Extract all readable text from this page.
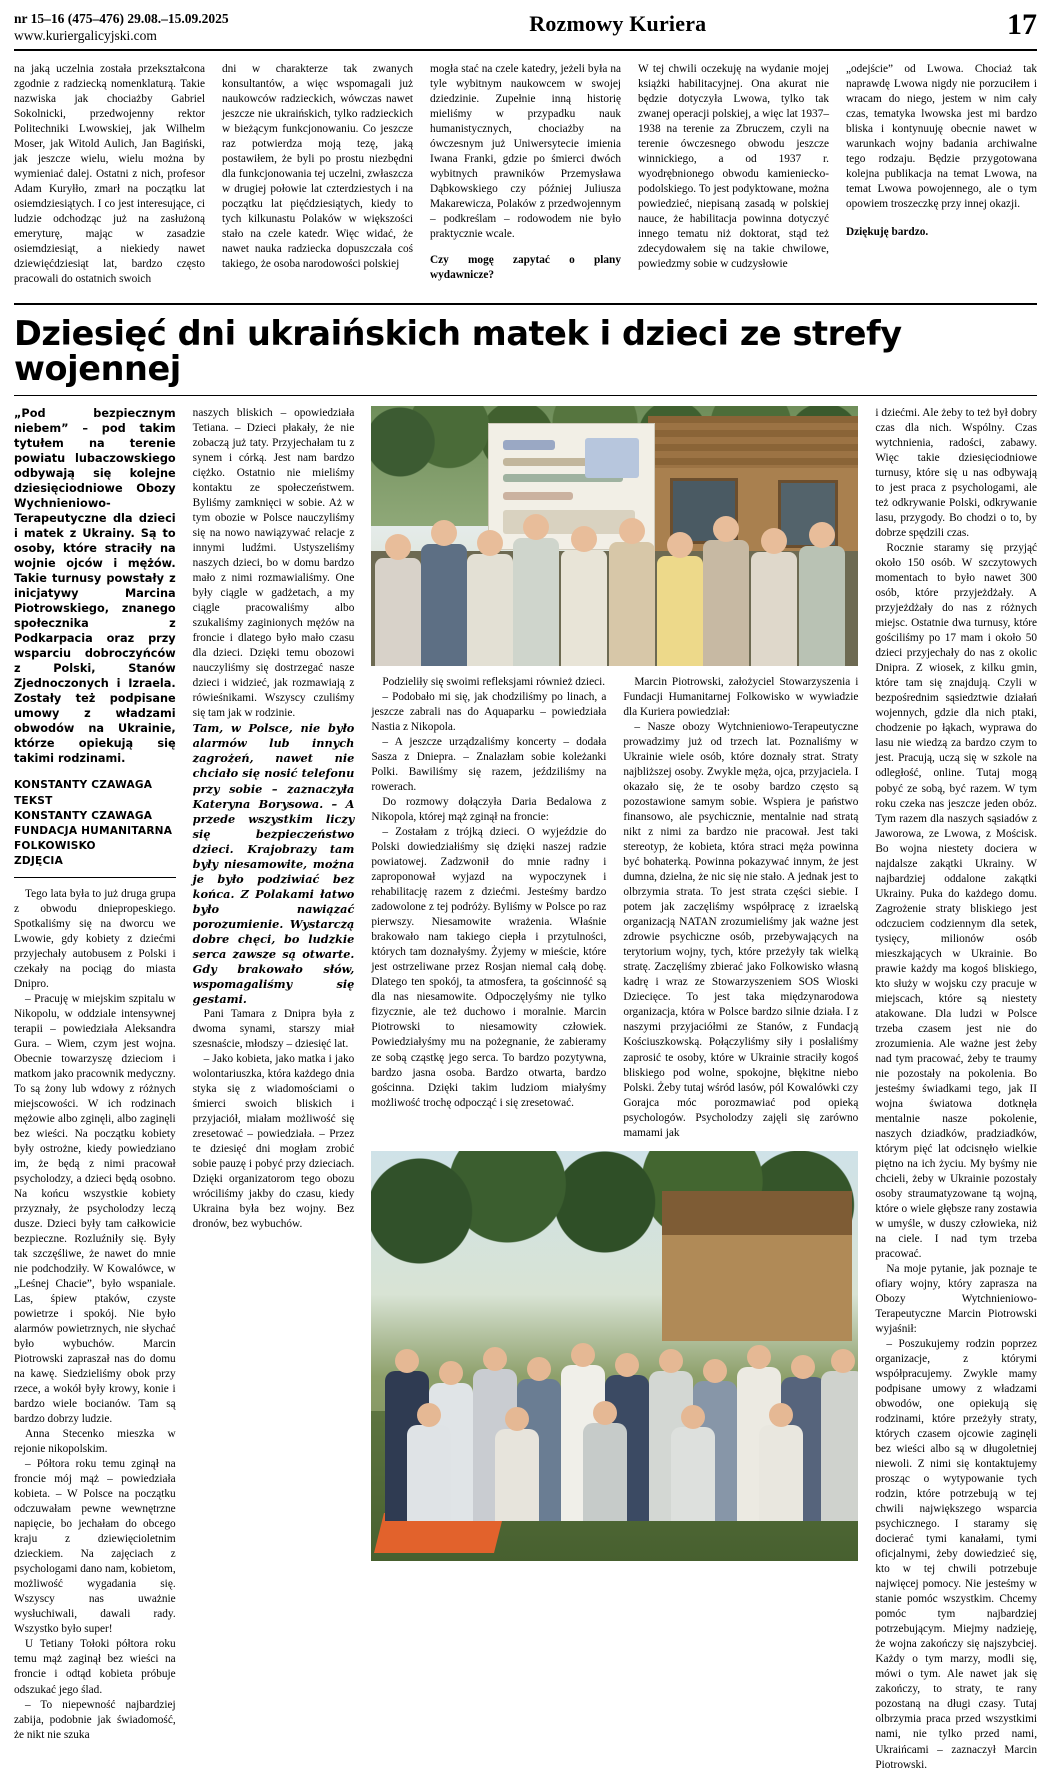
nr 15–16 (475–476) 29.08.–15.09.2025
www.kuriergalicyjski.com	Rozmowy Kuriera	17

na jaką uczelnia została przekształcona zgodnie z radziecką nomenklaturą. Takie nazwiska jak chociażby Gabriel Sokolnicki, przedwojenny rektor Politechniki Lwowskiej, jak Wilhelm Moser, jak Witold Aulich, Jan Bagiński, jak jeszcze wielu, wielu można by wymieniać dalej. Ostatni z nich, profesor Adam Kuryłło, zmarł na początku lat osiemdziesiątych. I co jest interesujące, ci ludzie odchodząc już na zasłużoną emeryturę, mając w zasadzie osiemdziesiąt, a niekiedy nawet dziewięćdziesiąt lat, bardzo często pracowali do ostatnich swoich

dni w charakterze tak zwanych konsultantów, a więc wspomagali już naukowców radzieckich, wówczas nawet jeszcze nie ukraińskich, tylko radzieckich w bieżącym funkcjonowaniu. Co jeszcze raz potwierdza moją tezę, jaką postawiłem, że byli po prostu niezbędni dla funkcjonowania tej uczelni, zwłaszcza w drugiej połowie lat czterdziestych i na początku lat pięćdziesiątych, kiedy to tych kilkunastu Polaków w większości stało na czele katedr. Więc widać, że nawet nauka radziecka dopuszczała coś takiego, że osoba narodowości polskiej

mogła stać na czele katedry, jeżeli była na tyle wybitnym naukowcem w swojej dziedzinie. Zupełnie inną historię mieliśmy w przypadku nauk humanistycznych, chociażby na ówczesnym już Uniwersytecie imienia Iwana Franki, gdzie po śmierci dwóch wybitnych prawników Przemysława Dąbkowskiego czy później Juliusza Makarewicza, Polaków z przedwojennym – podkreślam – rodowodem nie było praktycznie wcale.

Czy mogę zapytać o plany wydawnicze?

W tej chwili oczekuję na wydanie mojej książki habilitacyjnej. Ona akurat nie będzie dotyczyła Lwowa, tylko tak zwanej operacji polskiej, a więc lat 1937–1938 na terenie za Zbruczem, czyli na terenie ówczesnego obwodu jeszcze winnickiego, a od 1937 r. wyodrębnionego obwodu kamieniecko-podolskiego. To jest podyktowane, można powiedzieć, niepisaną zasadą w polskiej nauce, że habilitacja powinna dotyczyć innego tematu niż doktorat, stąd też zdecydowałem się na takie chwilowe, powiedzmy sobie w cudzysłowie

„odejście” od Lwowa. Chociaż tak naprawdę Lwowa nigdy nie porzuciłem i wracam do niego, jestem w nim cały czas, tematyka lwowska jest mi bardzo bliska i kontynuuję obecnie nawet w warunkach wojny badania archiwalne tego rodzaju. Będzie przygotowana kolejna publikacja na temat Lwowa, na temat Lwowa powojennego, ale o tym opowiem troszeczkę przy innej okazji.

Dziękuję bardzo.

Dziesięć dni ukraińskich matek i dzieci ze strefy wojennej

„Pod bezpiecznym niebem” – pod takim tytułem na terenie powiatu lubaczowskiego odbywają się kolejne dziesięciodniowe Obozy Wychnieniowo-Terapeutyczne dla dzieci i matek z Ukrainy. Są to osoby, które straciły na wojnie ojców i mężów. Takie turnusy powstały z inicjatywy Marcina Piotrowskiego, znanego społecznika z Podkarpacia oraz przy wsparciu dobroczyńców z Polski, Stanów Zjednoczonych i Izraela. Zostały też podpisane umowy z władzami obwodów na Ukrainie, którze opiekują się takimi rodzinami.

KONSTANTY CZAWAGA
TEKST
KONSTANTY CZAWAGA
FUNDACJA HUMANITARNA
FOLKOWISKO
ZDJĘCIA

Tego lata była to już druga grupa z obwodu dniepropeskiego. Spotkaliśmy się na dworcu we Lwowie, gdy kobiety z dziećmi przyjechały autobusem z Polski i czekały na pociąg do miasta Dnipro.

– Pracuję w miejskim szpitalu w Nikopolu, w oddziale intensywnej terapii – powiedziała Aleksandra Gura. – Wiem, czym jest wojna. Obecnie towarzyszę dzieciom i matkom jako pracownik medyczny. To są żony lub wdowy z różnych miejscowości. W ich rodzinach mężowie albo zginęli, albo zaginęli bez wieści. Na początku kobiety były ostrożne, kiedy powiedziano im, że będą z nimi pracował psycholodzy, a dzieci będą osobno. Na końcu wszystkie kobiety przyznały, że psycholodzy leczą dusze. Dzieci były tam całkowicie bezpieczne. Rozluźniły się. Były tak szczęśliwe, że nawet do mnie nie podchodziły. W Kowalówce, w „Leśnej Chacie”, było wspaniale. Las, śpiew ptaków, czyste powietrze i spokój. Nie było alarmów powietrznych, nie słychać było wybuchów. Marcin Piotrowski zapraszał nas do domu na kawę. Siedzieliśmy obok przy rzece, a wokół były krowy, konie i bardzo wiele bocianów. Tam są bardzo dobrzy ludzie.

Anna Stecenko mieszka w rejonie nikopolskim.

– Półtora roku temu zginął na froncie mój mąż – powiedziała kobieta. – W Polsce na początku odczuwałam pewne wewnętrzne napięcie, bo jechałam do obcego kraju z dziewięcioletnim dzieckiem. Na zajęciach z psychologami dano nam, kobietom, możliwość wygadania się. Wszyscy nas uważnie wysłuchiwali, dawali rady. Wszystko było super!

U Tetiany Tołoki półtora roku temu mąż zaginął bez wieści na froncie i odtąd kobieta próbuje odszukać jego ślad.

– To niepewność najbardziej zabija, podobnie jak świadomość, że nikt nie szuka

naszych bliskich – opowiedziała Tetiana. – Dzieci płakały, że nie zobaczą już taty. Przyjechałam tu z synem i córką. Jest nam bardzo ciężko. Ostatnio nie mieliśmy kontaktu ze społeczeństwem. Byliśmy zamknięci w sobie. Aż w tym obozie w Polsce nauczyliśmy się na nowo nawiązywać relacje z innymi ludźmi. Ustyszeliśmy naszych dzieci, bo w domu bardzo mało z nimi rozmawialiśmy. One były ciągle w gadżetach, a my ciągle pracowaliśmy albo szukaliśmy zaginionych mężów na froncie i dlatego było mało czasu dla dzieci. Dzięki temu obozowi nauczyliśmy się dostrzegać nasze dzieci i widzieć, jak rozmawiają z rówieśnikami. Wszyscy czuliśmy się tam jak w rodzinie.

Tam, w Polsce, nie było alarmów lub innych zagrożeń, nawet nie chciało się nosić telefonu przy sobie – zaznaczyła Kateryna Borysowa. – A przede wszystkim liczy się bezpieczeństwo dzieci. Krajobrazy tam były niesamowite, można je było podziwiać bez końca. Z Polakami łatwo było nawiązać porozumienie. Wystarczą dobre chęci, bo ludzkie serca zawsze są otwarte. Gdy brakowało słów, wspomagaliśmy się gestami.

Pani Tamara z Dnipra była z dwoma synami, starszy miał szesnaście, młodszy – dziesięć lat.

– Jako kobieta, jako matka i jako wolontariuszka, która każdego dnia styka się z wiadomościami o śmierci swoich bliskich i przyjaciół, miałam możliwość się zresetować – powiedziała. – Przez te dziesięć dni mogłam zrobić sobie pauzę i pobyć przy dzieciach. Dzięki organizatorom tego obozu wróciliśmy jakby do czasu, kiedy Ukraina była bez wojny. Bez dronów, bez wybuchów.

Podzieliły się swoimi refleksjami również dzieci.

– Podobało mi się, jak chodziliśmy po linach, a jeszcze zabrali nas do Aquaparku – powiedziała Nastia z Nikopola.

– A jeszcze urządzaliśmy koncerty – dodała Sasza z Dniepra. – Znalazłam sobie koleżanki Polki. Bawiliśmy się razem, jeździliśmy na rowerach.

Do rozmowy dołączyła Daria Bedalowa z Nikopola, której mąż zginął na froncie:

– Zostałam z trójką dzieci. O wyjeździe do Polski dowiedziałiśmy się dzięki naszej radzie powiatowej. Zadzwonił do mnie radny i zaproponował wyjazd na wypoczynek i rehabilitację razem z dziećmi. Jesteśmy bardzo zadowolone z tej podróży. Byliśmy w Polsce po raz pierwszy. Niesamowite wrażenia. Właśnie brakowało nam takiego ciepła i przytulności, których tam doznałyśmy. Żyjemy w mieście, które jest ostrzeliwane przez Rosjan niemal całą dobę. Dlatego ten spokój, ta atmosfera, ta gościnność są dla nas niesamowite. Odpoczęlyśmy nie tylko fizycznie, ale też duchowo i moralnie. Marcin Piotrowski to niesamowity człowiek. Powiedziałyśmy mu na pożegnanie, że zabieramy ze sobą cząstkę jego serca. To bardzo pozytywna, bardzo jasna osoba. Bardzo otwarta, bardzo gościnna. Dzięki takim ludziom miałyśmy możliwość trochę odpocząć i się zresetować.

Marcin Piotrowski, założyciel Stowarzyszenia i Fundacji Humanitarnej Folkowisko w wywiadzie dla Kuriera powiedział:

– Nasze obozy Wytchnieniowo-Terapeutyczne prowadzimy już od trzech lat. Poznaliśmy w Ukrainie wiele osób, które doznały strat. Straty najbliższej osoby. Zwykle męża, ojca, przyjaciela. I okazało się, że te osoby bardzo często są pozostawione samym sobie. Wspiera je państwo finansowo, ale psychicznie, mentalnie nad stratą nikt z nimi za bardzo nie pracował. Jest taki stereotyp, że kobieta, która straci męża powinna być bohaterką. Powinna pokazywać innym, że jest dumna, dzielna, że nic się nie stało. A jednak jest to olbrzymia strata. To jest strata części siebie. I potem jak zaczęliśmy współpracę z izraelską organizacją NATAN zrozumieliśmy jak ważne jest zdrowie psychiczne osób, przebywających na terytorium wojny, tych, które przeżyły tak wielką stratę. Zaczęliśmy zbierać jako Folkowisko własną kadrę i wraz ze Stowarzyszeniem SOS Wioski Dziecięce. To jest taka międzynarodowa organizacja, która w Polsce bardzo silnie działa. I z naszymi przyjaciółmi ze Stanów, z Fundacją Kościuszkowską. Połączyliśmy siły i posłaliśmy zaprosić te osoby, które w Ukrainie straciły kogoś bliskiego pod wolne, spokojne, błękitne niebo Polski. Żeby tutaj wśród lasów, pól Kowalówki czy Gorajca móc porozmawiać pod opieką psychologów. Psycholodzy zajęli się zarówno mamami jak

i dziećmi. Ale żeby to też był dobry czas dla nich. Wspólny. Czas wytchnienia, radości, zabawy. Więc takie dziesięciodniowe turnusy, które się u nas odbywają to jest praca z psychologami, ale też odkrywanie Polski, odkrywanie lasu, przygody. Bo chodzi o to, by dobrze spędzili czas.

Rocznie staramy się przyjąć około 150 osób. W szczytowych momentach to było nawet 300 osób, które przyjeżdżały. A przyjeżdżały do nas z różnych miejsc. Ostatnie dwa turnusy, które gościliśmy po 17 mam i około 50 dzieci przyjechały do nas z okolic Dnipra. Z wiosek, z kilku gmin, które tam się znajdują. Czyli w bezpośrednim sąsiedztwie działań wojennych, gdzie dla nich ptaki, chodzenie po łąkach, wyprawa do lasu nie wiedzą za bardzo czym to jest. Pracują, uczą się w szkole na odległość, online. Tutaj mogą pobyć ze sobą, być razem. W tym roku czeka nas jeszcze jeden obóz. Tym razem dla naszych sąsiadów z Jaworowa, ze Lwowa, z Mościsk. Bo wojna niestety dociera w najdalsze zakątki Ukrainy. W najbardziej oddalone zakątki Ukrainy. Puka do każdego domu. Zagrożenie straty bliskiego jest odczuciem codziennym dla setek, tysięcy, milionów osób mieszkających w Ukrainie. Bo prawie każdy ma kogoś bliskiego, kto służy w wojsku czy pracuje w miejscach, które są niestety atakowane. Dla ludzi w Polsce trzeba czasem jest nie do zrozumienia. Ale ważne jest żeby nad tym pracować, żeby te traumy nie pozostały na pokolenia. Bo jesteśmy świadkami tego, jak II wojna światowa dotknęła mentalnie nasze pokolenie, naszych dziadków, pradziadków, którym pięć lat odcisnęło wielkie piętno na ich życiu. My byśmy nie chcieli, żeby w Ukrainie pozostały osoby straumatyzowane tą wojną, które o wiele głębsze rany zostawia w umyśle, w duszy człowieka, niż na ciele. I nad tym trzeba pracować.

Na moje pytanie, jak poznaje te ofiary wojny, który zaprasza na Obozy Wytchnieniowo-Terapeutyczne Marcin Piotrowski wyjaśnił:

– Poszukujemy rodzin poprzez organizacje, z którymi współpracujemy. Zwykle mamy podpisane umowy z władzami obwodów, one opiekują się rodzinami, które przeżyły straty, których czasem ojcowie zaginęli bez wieści albo są w długoletniej niewoli. Z nimi się kontaktujemy prosząc o wytypowanie tych rodzin, które potrzebują w tej chwili największego wsparcia psychicznego. I staramy się docierać tymi kanałami, tymi oficjalnymi, żeby dowiedzieć się, kto w tej chwili potrzebuje najwięcej pomocy. Nie jesteśmy w stanie pomóc wszystkim. Chcemy pomóc tym najbardziej potrzebującym. Miejmy nadzieję, że wojna zakończy się najszybciej. Każdy o tym marzy, modli się, mówi o tym. Ale nawet jak się zakończy, to straty, te rany pozostaną na długi czasy. Tutaj olbrzymia praca przed wszystkimi nami, nie tylko przed nami, Ukraińcami – zaznaczył Marcin Piotrowski.
